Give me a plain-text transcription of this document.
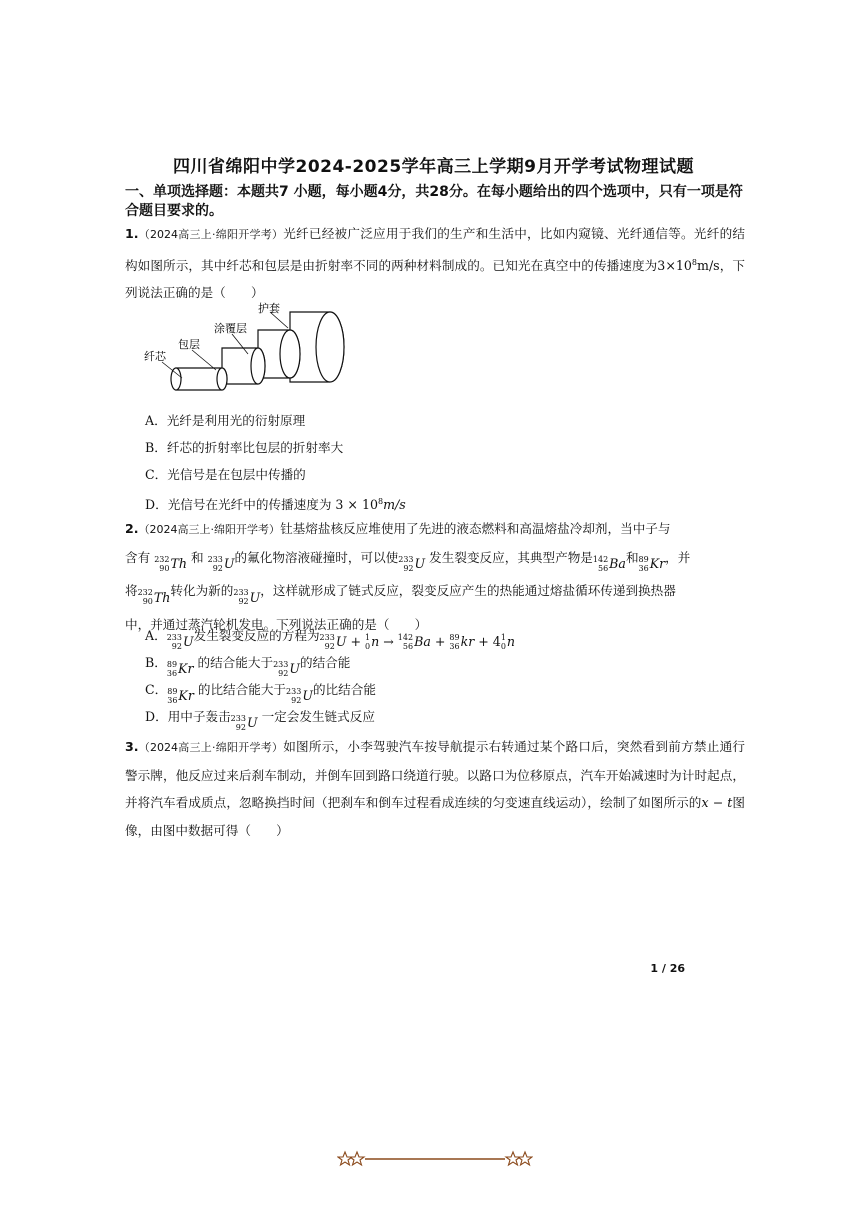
四川省绵阳中学2024-2025学年高三上学期9月开学考试物理试题
一、单项选择题：本题共7 小题，每小题4分，共28分。在每小题给出的四个选项中，只有一项是符合题目要求的。
1.（2024高三上·绵阳开学考）光纤已经被广泛应用于我们的生产和生活中，比如内窥镜、光纤通信等。光纤的结构如图所示，其中纤芯和包层是由折射率不同的两种材料制成的。已知光在真空中的传播速度为$3\times 10^8m/s$，下列说法正确的是（　　）
纤芯
包层
涂覆层
护套
A．光纤是利用光的衍射原理
B．纤芯的折射率比包层的折射率大
C．光信号是在包层中传播的
D．光信号在光纤中的传播速度为 $3 \times 10^8m/s$
2.（2024高三上·绵阳开学考）钍基熔盐核反应堆使用了先进的液态燃料和高温熔盐冷却剂，当中子与
含有 232
90 Th 和 233
92 U 的氟化物溶液碰撞时，可以使 233
92 U 发生裂变反应，其典型产物是 142
56 Ba 和 89
36 Kr ，并
将 232
90 Th 转化为新的 233
92 U ，这样就形成了链式反应，裂变反应产生的热能通过熔盐循环传递到换热器
中，并通过蒸汽轮机发电。下列说法正确的是（　　）
A． 233
92 U 发生裂变反应的方程为 233
92 U + 1
0 n → 142
56 Ba + 89
36 kr + 4 1
0 n
B． 89
36 Kr 的结合能大于 233
92 U 的结合能
C． 89
36 Kr 的比结合能大于 233
92 U 的比结合能
D．用中子轰击 233
92 U 一定会发生链式反应
3.（2024高三上·绵阳开学考）如图所示，小李驾驶汽车按导航提示右转通过某个路口后，突然看到前方禁止通行警示牌，他反应过来后刹车制动，并倒车回到路口绕道行驶。以路口为位移原点，汽车开始减速时为计时起点，并将汽车看成质点，忽略换挡时间（把刹车和倒车过程看成连续的匀变速直线运动），绘制了如图所示的x − t图像，由图中数据可得（　　）
1 / 26
